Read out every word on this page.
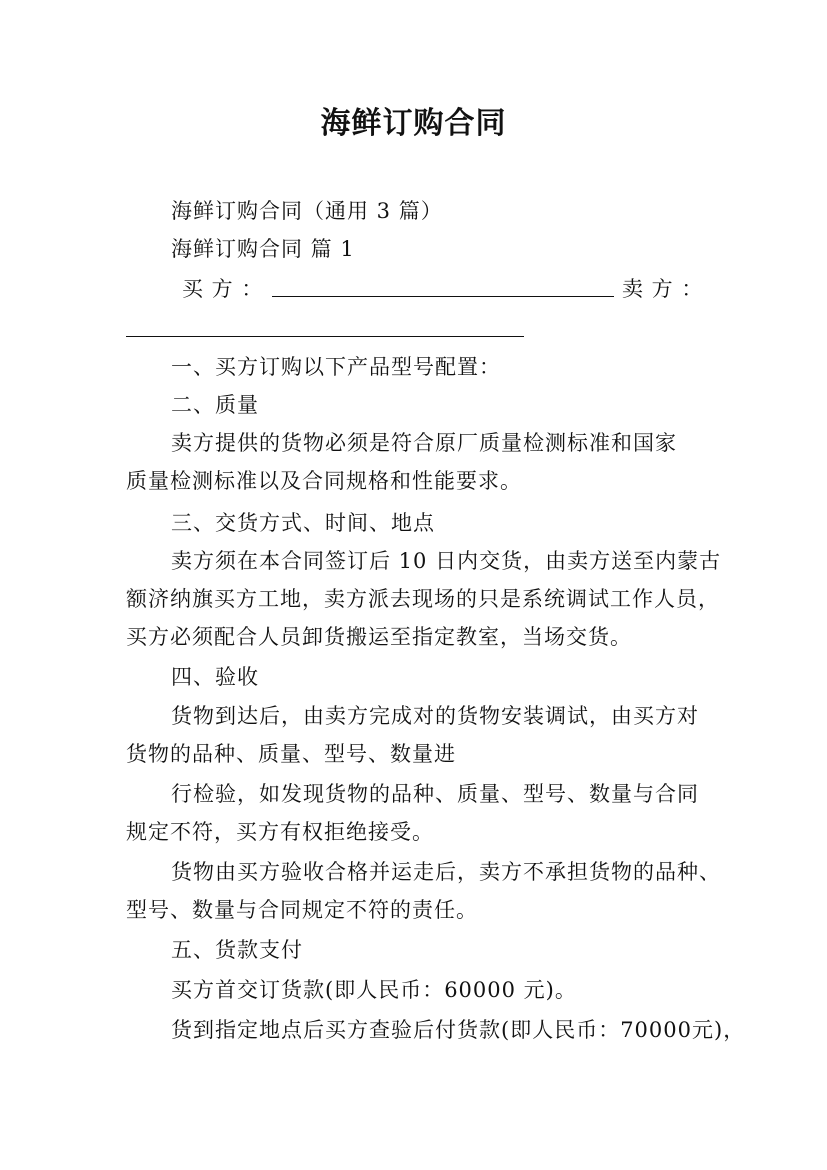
海鲜订购合同
海鲜订购合同（通用 3 篇）
海鲜订购合同 篇 1
买 方 ：	卖 方 ：
一、买方订购以下产品型号配置：
二、质量
卖方提供的货物必须是符合原厂质量检测标准和国家
质量检测标准以及合同规格和性能要求。
三、交货方式、时间、地点
卖方须在本合同签订后 10 日内交货，由卖方送至内蒙古
额济纳旗买方工地，卖方派去现场的只是系统调试工作人员，
买方必须配合人员卸货搬运至指定教室，当场交货。
四、验收
货物到达后，由卖方完成对的货物安装调试，由买方对
货物的品种、质量、型号、数量进
行检验，如发现货物的品种、质量、型号、数量与合同
规定不符，买方有权拒绝接受。
货物由买方验收合格并运走后，卖方不承担货物的品种、
型号、数量与合同规定不符的责任。
五、货款支付
买方首交订货款(即人民币：60000 元)。
货到指定地点后买方查验后付货款(即人民币：70000元)，
